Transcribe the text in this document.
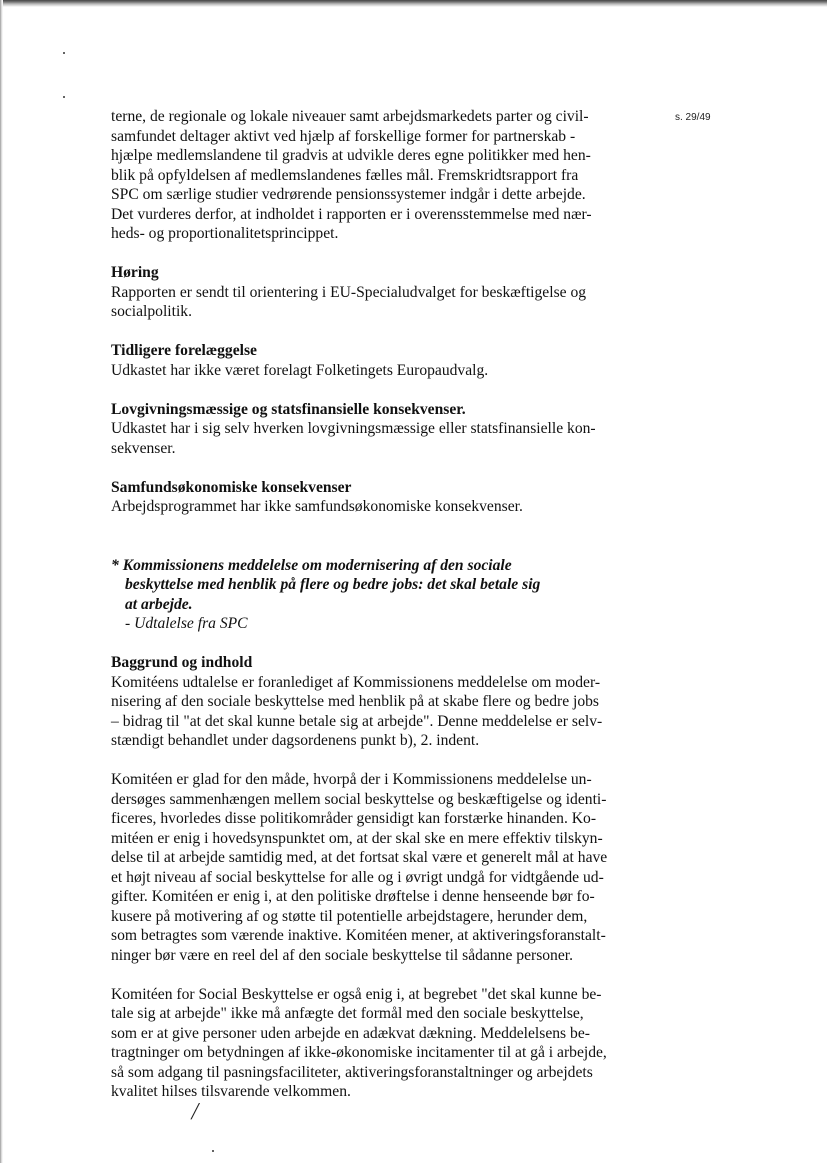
╱
s. 29/49

terne, de regionale og lokale niveauer samt arbejdsmarkedets parter og civil-

samfundet deltager aktivt ved hjælp af forskellige former for partnerskab -

hjælpe medlemslandene til gradvis at udvikle deres egne politikker med hen-

blik på opfyldelsen af medlemslandenes fælles mål. Fremskridtsrapport fra

SPC om særlige studier vedrørende pensionssystemer indgår i dette arbejde.

Det vurderes derfor, at indholdet i rapporten er i overensstemmelse med nær-

heds- og proportionalitetsprincippet.

Høring

Rapporten er sendt til orientering i EU-Specialudvalget for beskæftigelse og

socialpolitik.

Tidligere forelæggelse

Udkastet har ikke været forelagt Folketingets Europaudvalg.

Lovgivningsmæssige og statsfinansielle konsekvenser.

Udkastet har i sig selv hverken lovgivningsmæssige eller statsfinansielle kon-

sekvenser.

Samfundsøkonomiske konsekvenser

Arbejdsprogrammet har ikke samfundsøkonomiske konsekvenser.

* Kommissionens meddelelse om modernisering af den sociale
beskyttelse med henblik på flere og bedre jobs: det skal betale sig
at arbejde.
- Udtalelse fra SPC

Baggrund og indhold

Komitéens udtalelse er foranlediget af Kommissionens meddelelse om moder-

nisering af den sociale beskyttelse med henblik på at skabe flere og bedre jobs

– bidrag til "at det skal kunne betale sig at arbejde". Denne meddelelse er selv-

stændigt behandlet under dagsordenens punkt b), 2. indent.

Komitéen er glad for den måde, hvorpå der i Kommissionens meddelelse un-

dersøges sammenhængen mellem social beskyttelse og beskæftigelse og identi-

ficeres, hvorledes disse politikområder gensidigt kan forstærke hinanden. Ko-

mitéen er enig i hovedsynspunktet om, at der skal ske en mere effektiv tilskyn-

delse til at arbejde samtidig med, at det fortsat skal være et generelt mål at have

et højt niveau af social beskyttelse for alle og i øvrigt undgå for vidtgående ud-

gifter. Komitéen er enig i, at den politiske drøftelse i denne henseende bør fo-

kusere på motivering af og støtte til potentielle arbejdstagere, herunder dem,

som betragtes som værende inaktive. Komitéen mener, at aktiveringsforanstalt-

ninger bør være en reel del af den sociale beskyttelse til sådanne personer.

Komitéen for Social Beskyttelse er også enig i, at begrebet "det skal kunne be-

tale sig at arbejde" ikke må anfægte det formål med den sociale beskyttelse,

som er at give personer uden arbejde en adækvat dækning. Meddelelsens be-

tragtninger om betydningen af ikke-økonomiske incitamenter til at gå i arbejde,

så som adgang til pasningsfaciliteter, aktiveringsforanstaltninger og arbejdets

kvalitet hilses tilsvarende velkommen.
